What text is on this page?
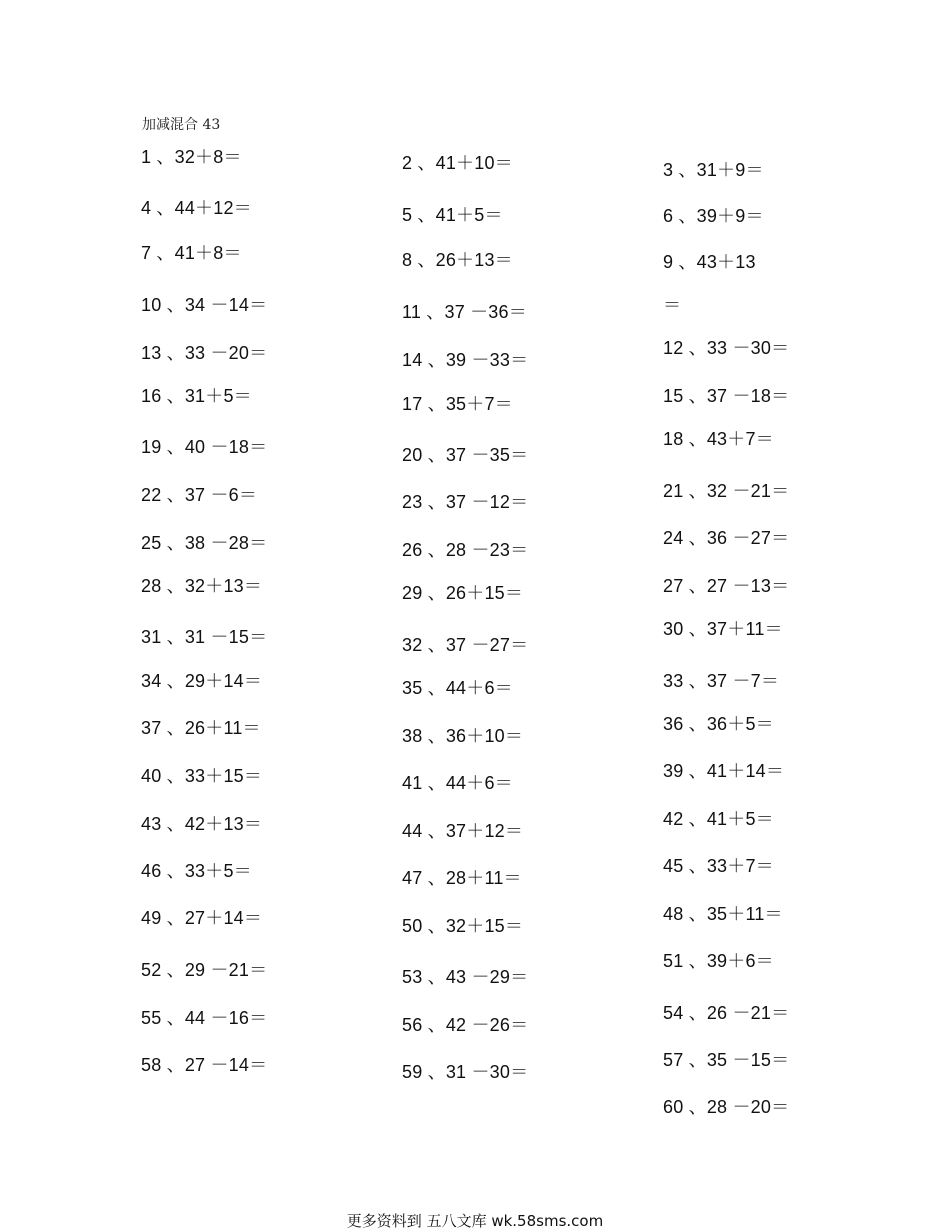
加减混合 43
1 、32＋8＝
4 、44＋12＝
7 、41＋8＝
10 、34 －14＝
13 、33 －20＝
16 、31＋5＝
19 、40 －18＝
22 、37 －6＝
25 、38 －28＝
28 、32＋13＝
31 、31 －15＝
34 、29＋14＝
37 、26＋11＝
40 、33＋15＝
43 、42＋13＝
46 、33＋5＝
49 、27＋14＝
52 、29 －21＝
55 、44 －16＝
58 、27 －14＝
2 、41＋10＝
5 、41＋5＝
8 、26＋13＝
11 、37 －36＝
14 、39 －33＝
17 、35＋7＝
20 、37 －35＝
23 、37 －12＝
26 、28 －23＝
29 、26＋15＝
32 、37 －27＝
35 、44＋6＝
38 、36＋10＝
41 、44＋6＝
44 、37＋12＝
47 、28＋11＝
50 、32＋15＝
53 、43 －29＝
56 、42 －26＝
59 、31 －30＝
3 、31＋9＝
6 、39＋9＝
9 、43＋13
＝
12 、33 －30＝
15 、37 －18＝
18 、43＋7＝
21 、32 －21＝
24 、36 －27＝
27 、27 －13＝
30 、37＋11＝
33 、37 －7＝
36 、36＋5＝
39 、41＋14＝
42 、41＋5＝
45 、33＋7＝
48 、35＋11＝
51 、39＋6＝
54 、26 －21＝
57 、35 －15＝
60 、28 －20＝
更多资料到 五八文库 wk.58sms.com
